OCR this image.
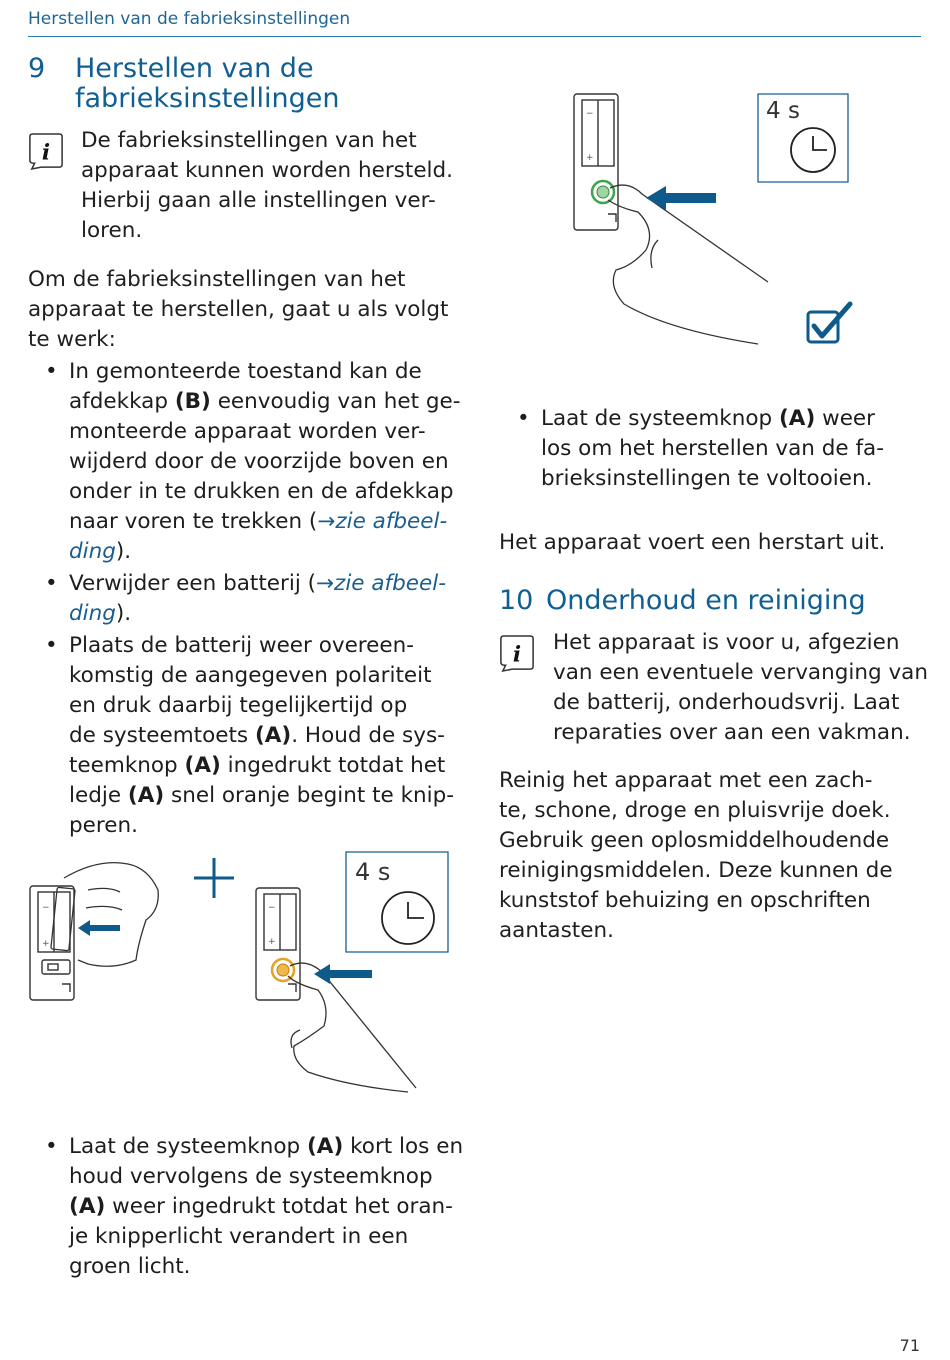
Herstellen van de fabrieksinstellingen
9 Herstellen van de fabrieksinstellingen
i
De fabrieksinstellingen van het
apparaat kunnen worden hersteld.
Hierbij gaan alle instellingen ver-
loren.
Om de fabrieksinstellingen van het
apparaat te herstellen, gaat u als volgt
te werk:
• In gemonteerde toestand kan de
afdekkap (B) eenvoudig van het ge-
monteerde apparaat worden ver-
wijderd door de voorzijde boven en
onder in te drukken en de afdekkap
naar voren te trekken (→zie afbeel-
ding).
• Verwijder een batterij (→zie afbeel-
ding).
• Plaats de batterij weer overeen-
komstig de aangegeven polariteit
en druk daarbij tegelijkertijd op
de systeemtoets (A). Houd de sys-
teemknop (A) ingedrukt totdat het
ledje (A) snel oranje begint te knip-
peren.
−
+
4 s
−
+
• Laat de systeemknop (A) kort los en
houd vervolgens de systeemknop
(A) weer ingedrukt totdat het oran-
je knipperlicht verandert in een
groen licht.
−
+
4 s
• Laat de systeemknop (A) weer
los om het herstellen van de fa-
brieksinstellingen te voltooien.
Het apparaat voert een herstart uit.
10 Onderhoud en reiniging
i
Het apparaat is voor u, afgezien
van een eventuele vervanging van
de batterij, onderhoudsvrij. Laat
reparaties over aan een vakman.
Reinig het apparaat met een zach-
te, schone, droge en pluisvrije doek.
Gebruik geen oplosmiddelhoudende
reinigingsmiddelen. Deze kunnen de
kunststof behuizing en opschriften
aantasten.
71
